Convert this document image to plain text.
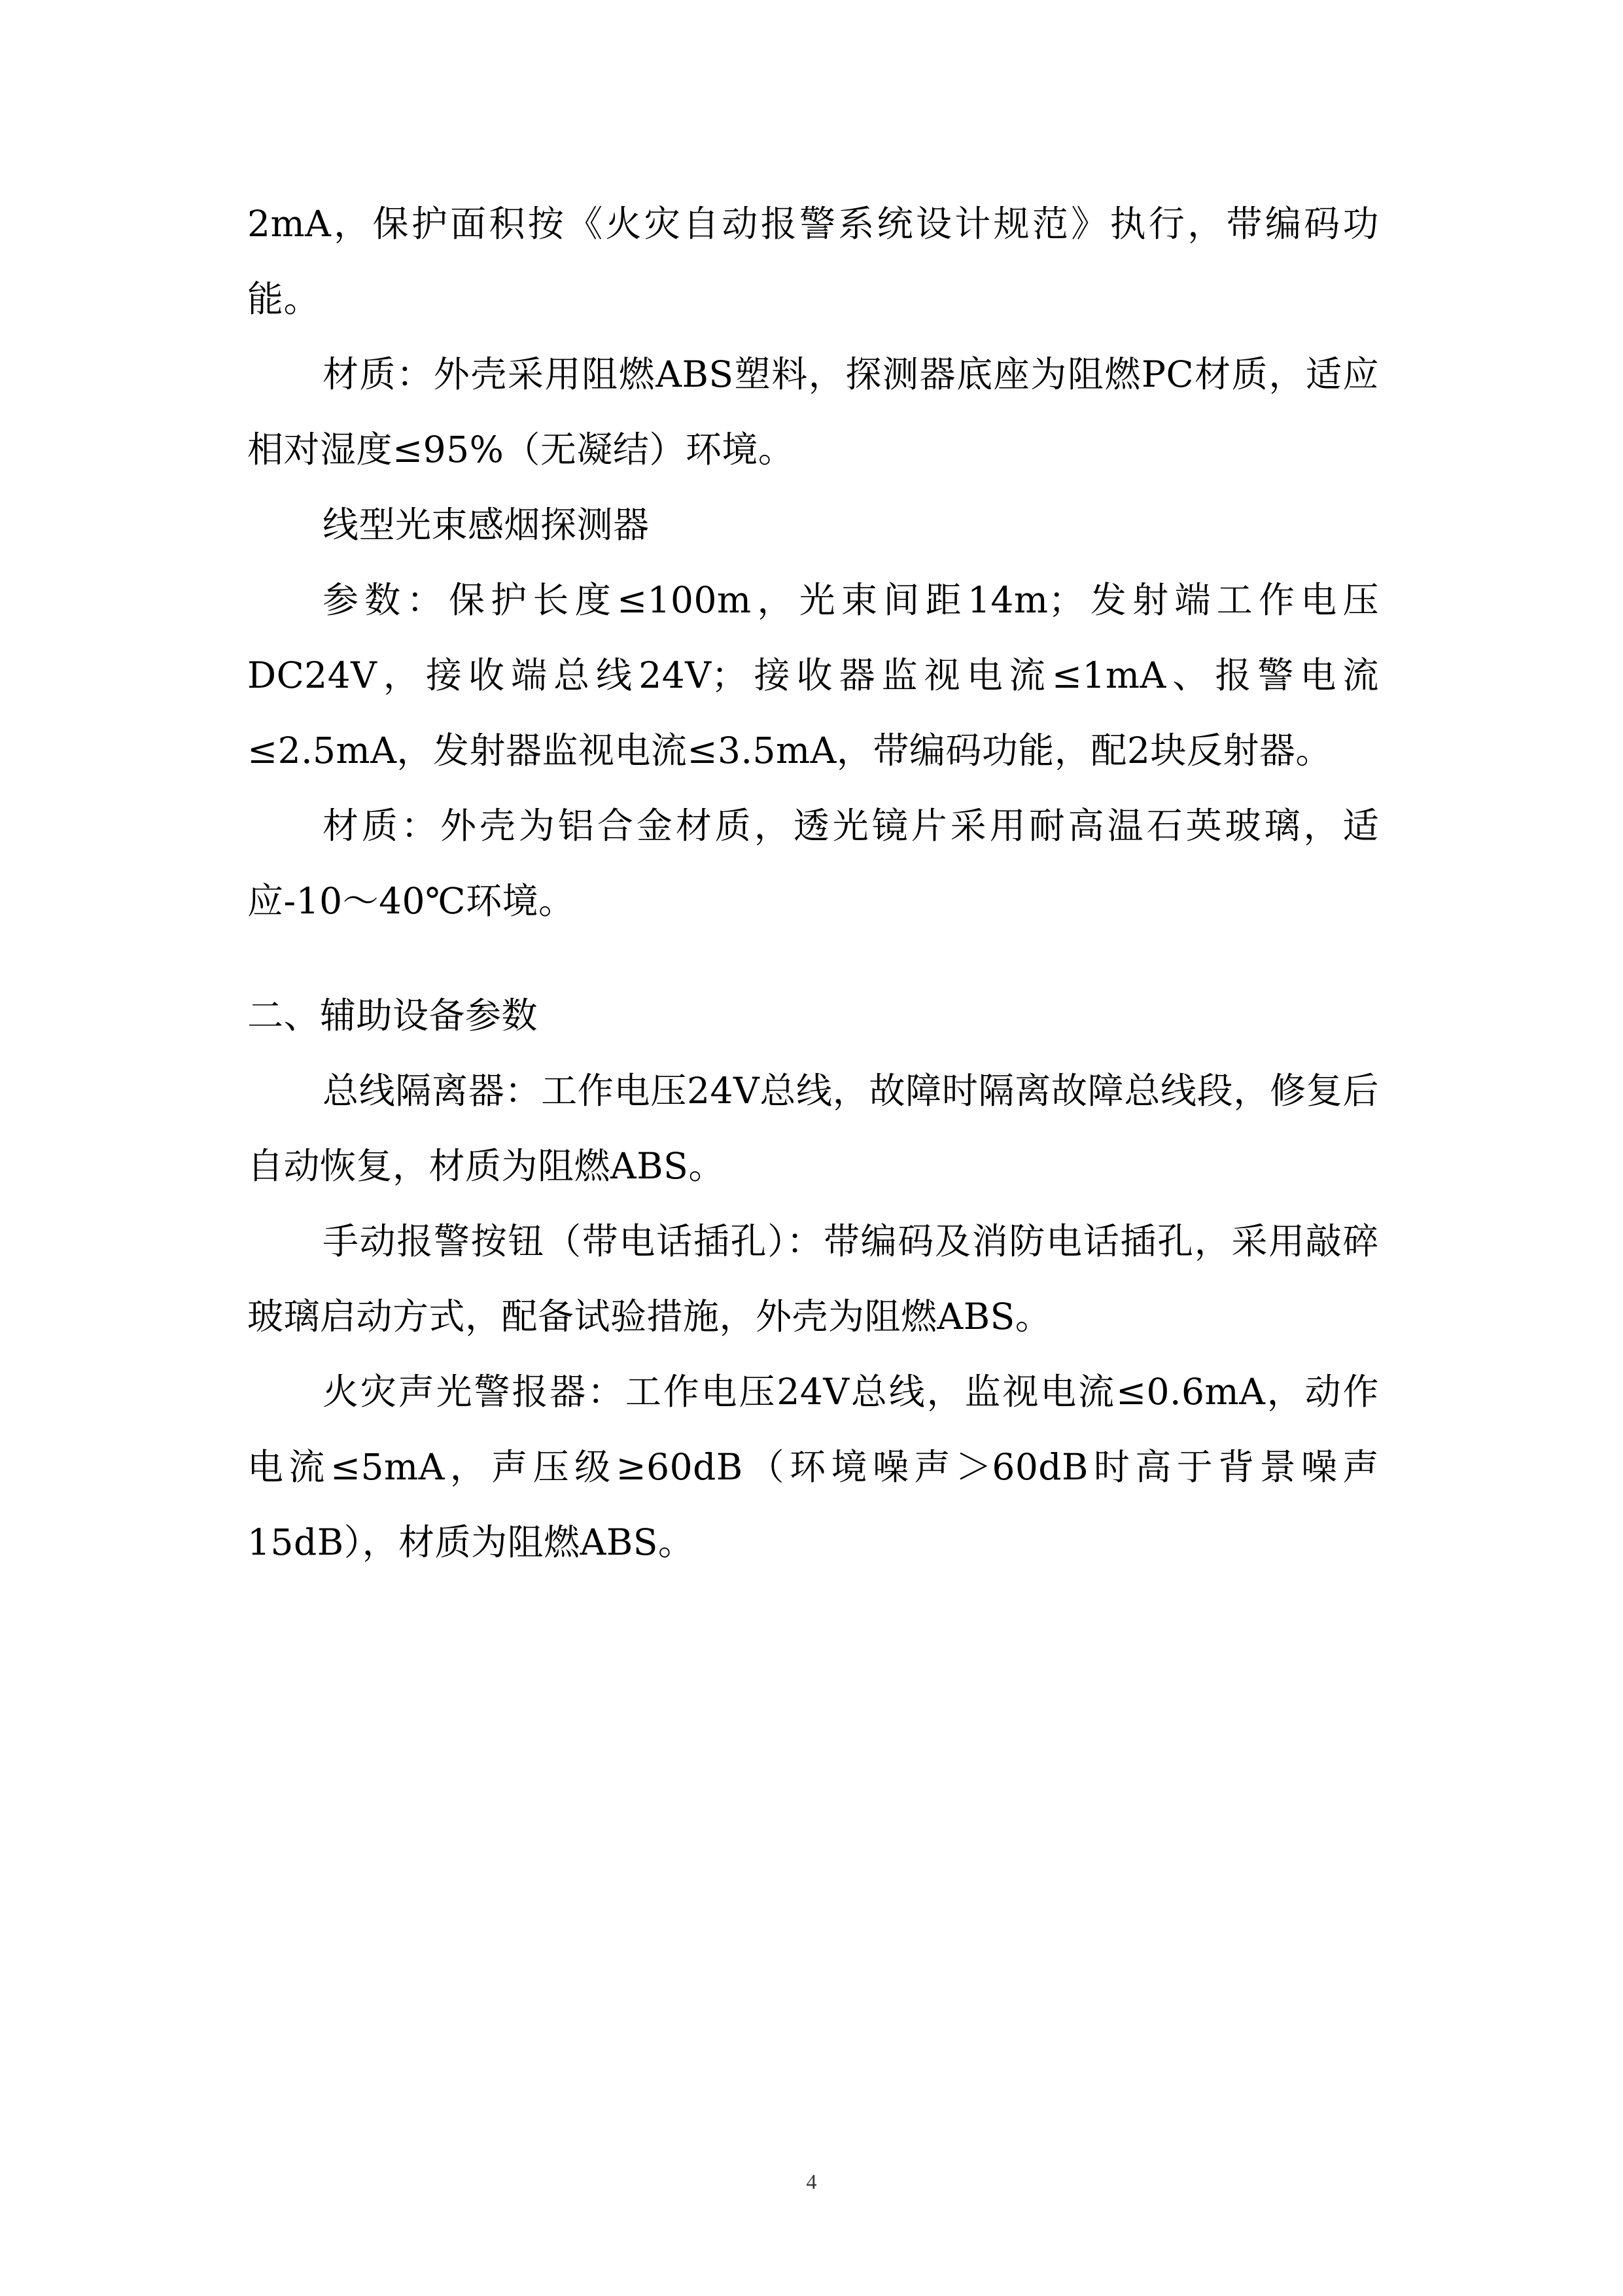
2mA，保护面积按《火灾自动报警系统设计规范》执行，带编码功能。

材质：外壳采用阻燃ABS塑料，探测器底座为阻燃PC材质，适应相对湿度≤95%（无凝结）环境。

线型光束感烟探测器

参数：保护长度≤100m，光束间距14m；发射端工作电压DC24V，接收端总线24V；接收器监视电流≤1mA、报警电流≤2.5mA，发射器监视电流≤3.5mA，带编码功能，配2块反射器。

材质：外壳为铝合金材质，透光镜片采用耐高温石英玻璃，适应-10～40℃环境。

二、辅助设备参数

总线隔离器：工作电压24V总线，故障时隔离故障总线段，修复后自动恢复，材质为阻燃ABS。

手动报警按钮（带电话插孔）：带编码及消防电话插孔，采用敲碎玻璃启动方式，配备试验措施，外壳为阻燃ABS。

火灾声光警报器：工作电压24V总线，监视电流≤0.6mA，动作电流≤5mA，声压级≥60dB（环境噪声＞60dB时高于背景噪声15dB），材质为阻燃ABS。

4
